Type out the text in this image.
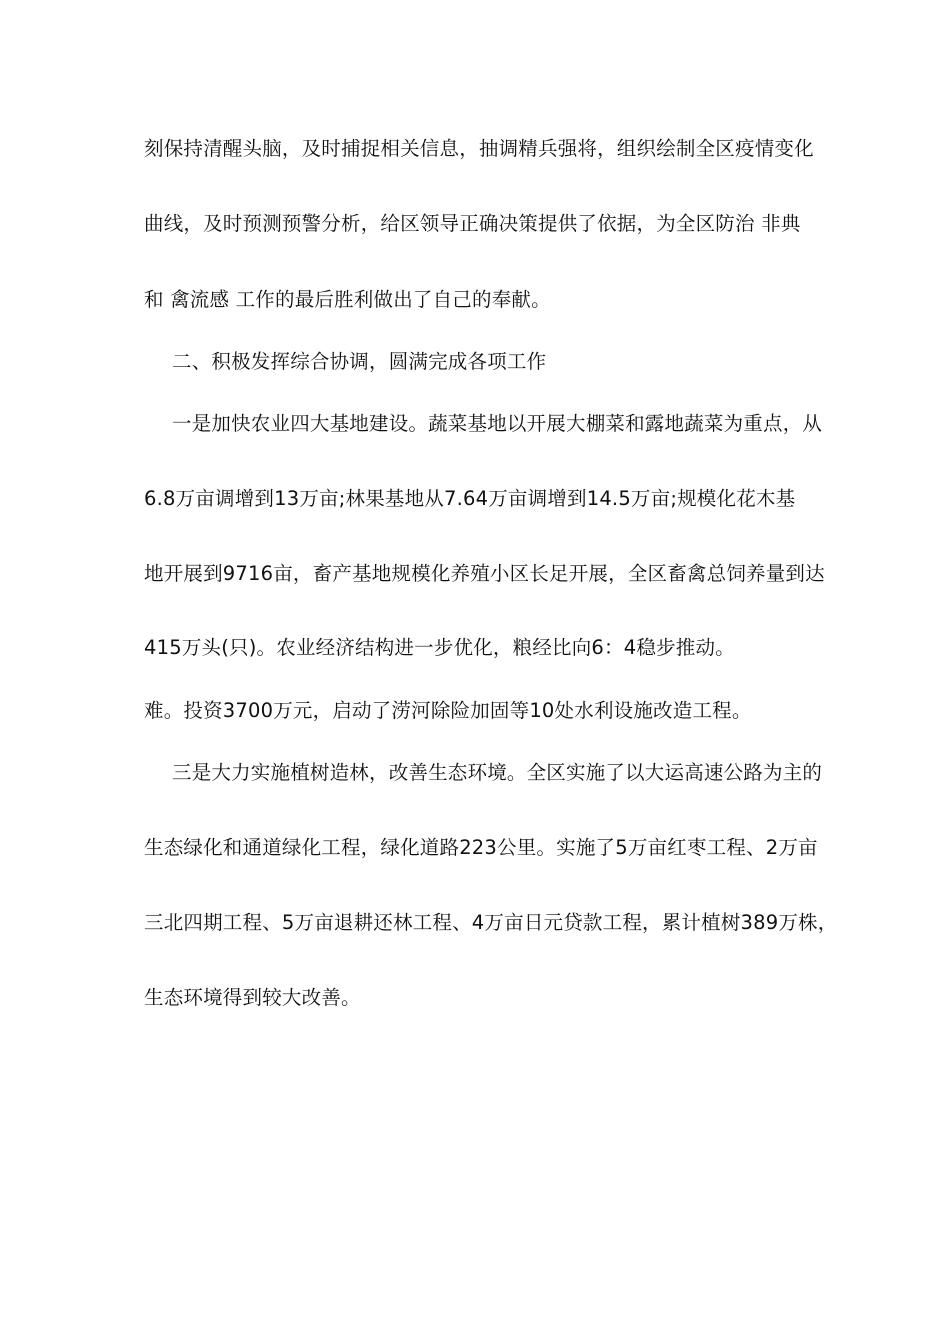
刻保持清醒头脑，及时捕捉相关信息，抽调精兵强将，组织绘制全区疫情变化
曲线，及时预测预警分析，给区领导正确决策提供了依据，为全区防治 非典
和 禽流感 工作的最后胜利做出了自己的奉献。
二、积极发挥综合协调，圆满完成各项工作
一是加快农业四大基地建设。蔬菜基地以开展大棚菜和露地蔬菜为重点，从
6.8万亩调增到13万亩;林果基地从7.64万亩调增到14.5万亩;规模化花木基
地开展到9716亩，畜产基地规模化养殖小区长足开展，全区畜禽总饲养量到达
415万头(只)。农业经济结构进一步优化，粮经比向6：4稳步推动。
难。投资3700万元，启动了涝河除险加固等10处水利设施改造工程。
三是大力实施植树造林，改善生态环境。全区实施了以大运高速公路为主的
生态绿化和通道绿化工程，绿化道路223公里。实施了5万亩红枣工程、2万亩
三北四期工程、5万亩退耕还林工程、4万亩日元贷款工程，累计植树389万株，
生态环境得到较大改善。
